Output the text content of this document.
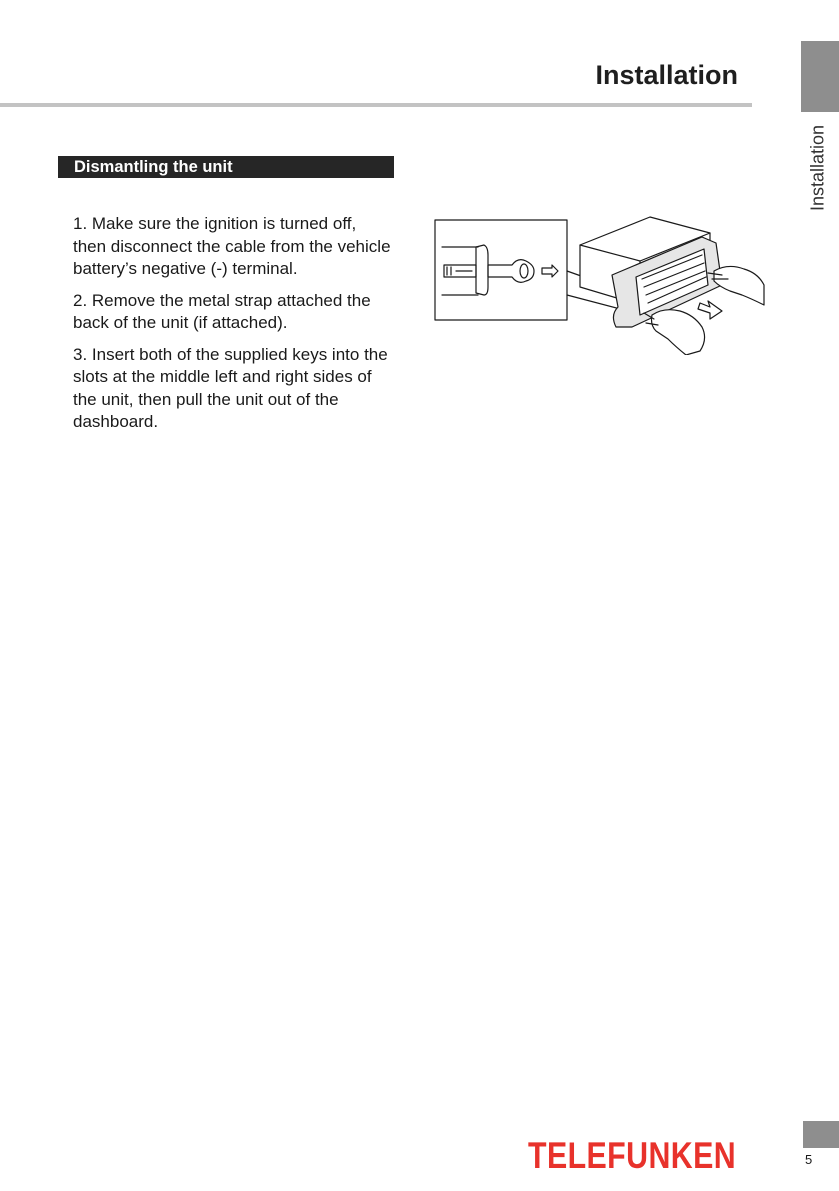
Installation
Installation
Dismantling the unit

1. Make sure the ignition is turned off, then disconnect the cable from the vehicle battery’s negative (-) terminal.

2. Remove the metal strap attached the back of the unit (if attached).

3. Insert both of the supplied keys into the slots at the middle left and right sides of the unit, then pull the unit out of the dashboard.

TELEFUNKEN	5
